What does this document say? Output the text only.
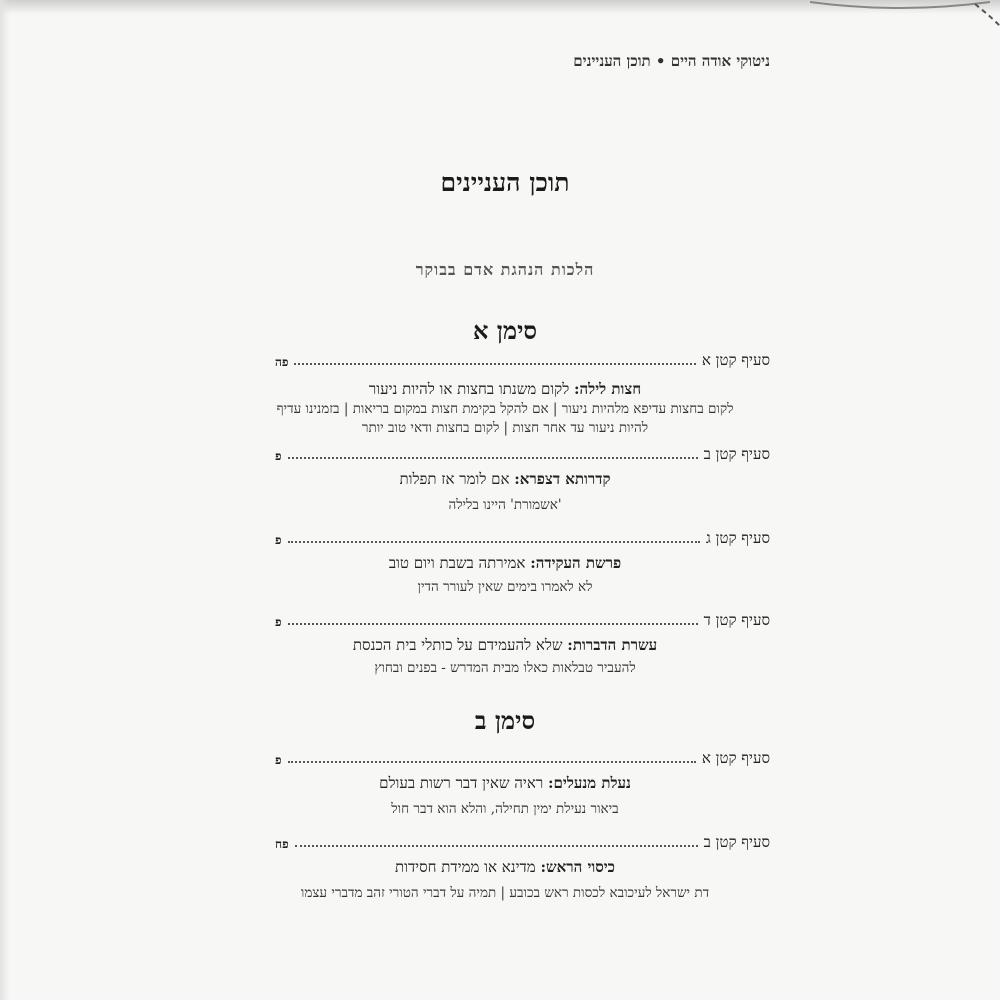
ניטוקי אודה היים • תוכן העניינים
תוכן העניינים
הלכות הנהגת אדם בבוקר
סימן א
סעיף קטן א
פה
חצות לילה: לקום משנתו בחצות או להיות ניעור
לקום בחצות עדיפא מלהיות ניעור | אם להקל בקימת חצות במקום בריאות | בזמנינו עדיף
להיות ניעור עד אחר חצות | לקום בחצות ודאי טוב יותר
סעיף קטן ב
פ
קדרותא דצפרא: אם לומר אז תפלות
'אשמורת' היינו בלילה
סעיף קטן ג
פ
פרשת העקידה: אמירתה בשבת ויום טוב
לא לאמרו בימים שאין לעורר הדין
סעיף קטן ד
פ
עשרת הדברות: שלא להעמידם על כותלי בית הכנסת
להעביר טבלאות כאלו מבית המדרש - בפנים ובחוץ
סימן ב
סעיף קטן א
פ
נעלת מנעלים: ראיה שאין דבר רשות בעולם
ביאור נעילת ימין תחילה, והלא הוא דבר חול
סעיף קטן ב
פח
כיסוי הראש: מדינא או ממידת חסידות
דת ישראל לעיכובא לכסות ראש בכובע | תמיה על דברי הטורי זהב מדברי עצמו
